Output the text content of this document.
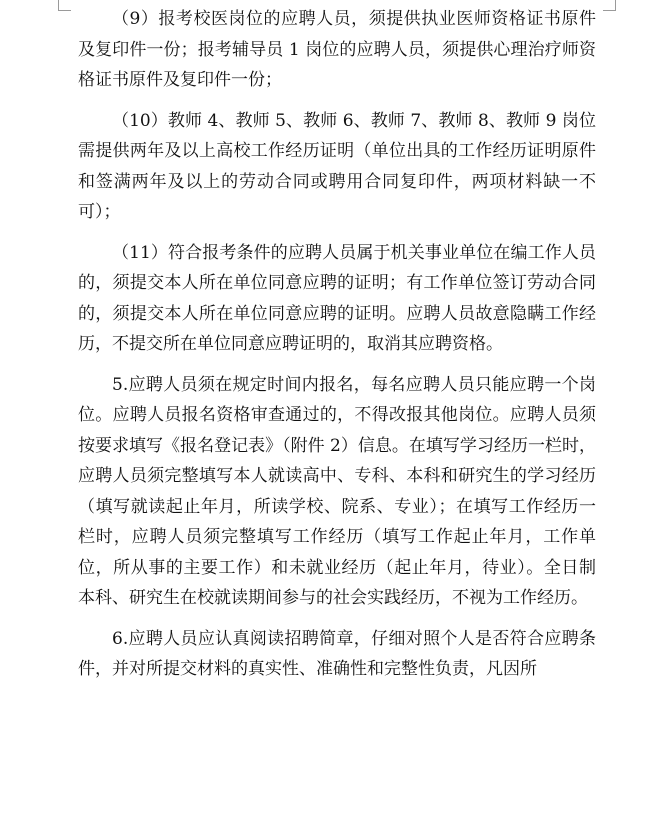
（9）报考校医岗位的应聘人员，须提供执业医师资格证书原件及复印件一份；报考辅导员 1 岗位的应聘人员，须提供心理治疗师资格证书原件及复印件一份；

（10）教师 4、教师 5、教师 6、教师 7、教师 8、教师 9 岗位需提供两年及以上高校工作经历证明（单位出具的工作经历证明原件和签满两年及以上的劳动合同或聘用合同复印件，两项材料缺一不可）；

（11）符合报考条件的应聘人员属于机关事业单位在编工作人员的，须提交本人所在单位同意应聘的证明；有工作单位签订劳动合同的，须提交本人所在单位同意应聘的证明。应聘人员故意隐瞒工作经历，不提交所在单位同意应聘证明的，取消其应聘资格。

5.应聘人员须在规定时间内报名，每名应聘人员只能应聘一个岗位。应聘人员报名资格审查通过的，不得改报其他岗位。应聘人员须按要求填写《报名登记表》（附件 2）信息。在填写学习经历一栏时，应聘人员须完整填写本人就读高中、专科、本科和研究生的学习经历（填写就读起止年月，所读学校、院系、专业）；在填写工作经历一栏时，应聘人员须完整填写工作经历（填写工作起止年月，工作单位，所从事的主要工作）和未就业经历（起止年月，待业）。全日制本科、研究生在校就读期间参与的社会实践经历，不视为工作经历。

6.应聘人员应认真阅读招聘简章，仔细对照个人是否符合应聘条件，并对所提交材料的真实性、准确性和完整性负责，凡因所
